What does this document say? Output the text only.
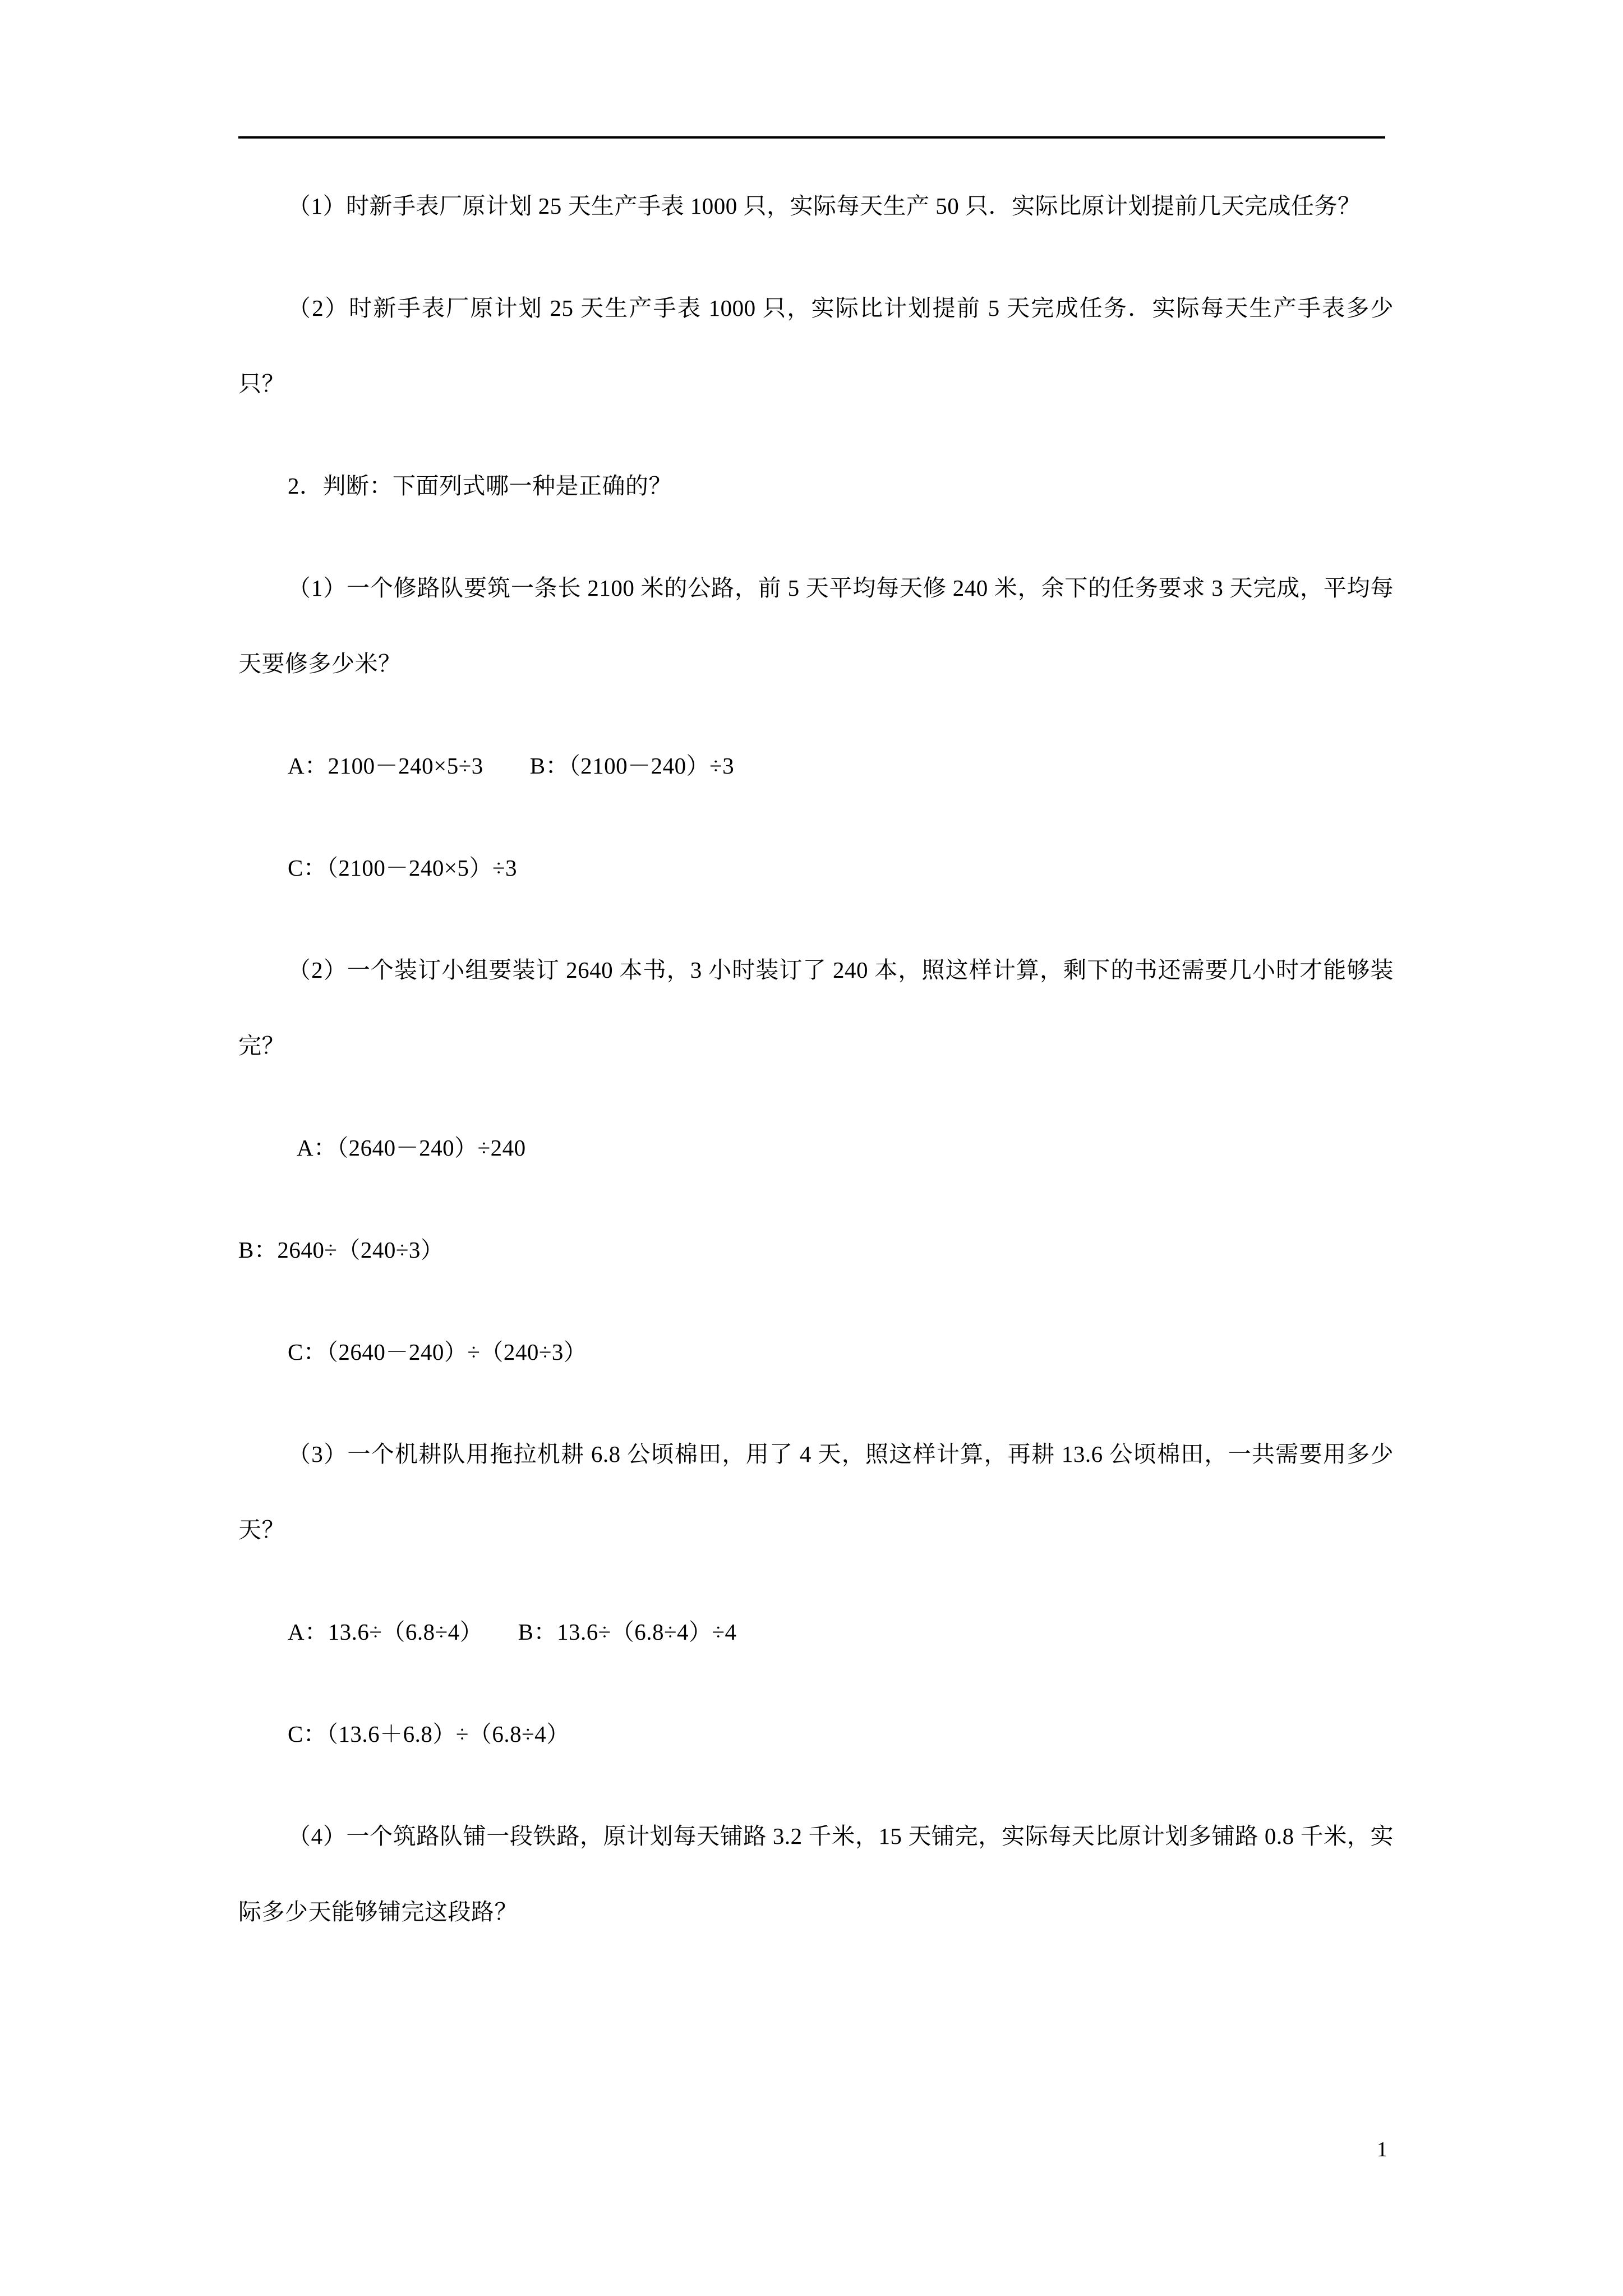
（1）时新手表厂原计划 25 天生产手表 1000 只，实际每天生产 50 只．实际比原计划提前几天完成任务？

（2）时新手表厂原计划 25 天生产手表 1000 只，实际比计划提前 5 天完成任务．实际每天生产手表多少只？

2．判断：下面列式哪一种是正确的？

（1）一个修路队要筑一条长 2100 米的公路，前 5 天平均每天修 240 米，余下的任务要求 3 天完成，平均每天要修多少米？

A：2100－240×5÷3　　B：（2100－240）÷3

C：（2100－240×5）÷3

（2）一个装订小组要装订 2640 本书，3 小时装订了 240 本，照这样计算，剩下的书还需要几小时才能够装完？

A：（2640－240）÷240

B：2640÷（240÷3）

C：（2640－240）÷（240÷3）

（3）一个机耕队用拖拉机耕 6.8 公顷棉田，用了 4 天，照这样计算，再耕 13.6 公顷棉田，一共需要用多少天？

A：13.6÷（6.8÷4）　　B：13.6÷（6.8÷4）÷4

C：（13.6＋6.8）÷（6.8÷4）

（4）一个筑路队铺一段铁路，原计划每天铺路 3.2 千米，15 天铺完，实际每天比原计划多铺路 0.8 千米，实际多少天能够铺完这段路？

1
